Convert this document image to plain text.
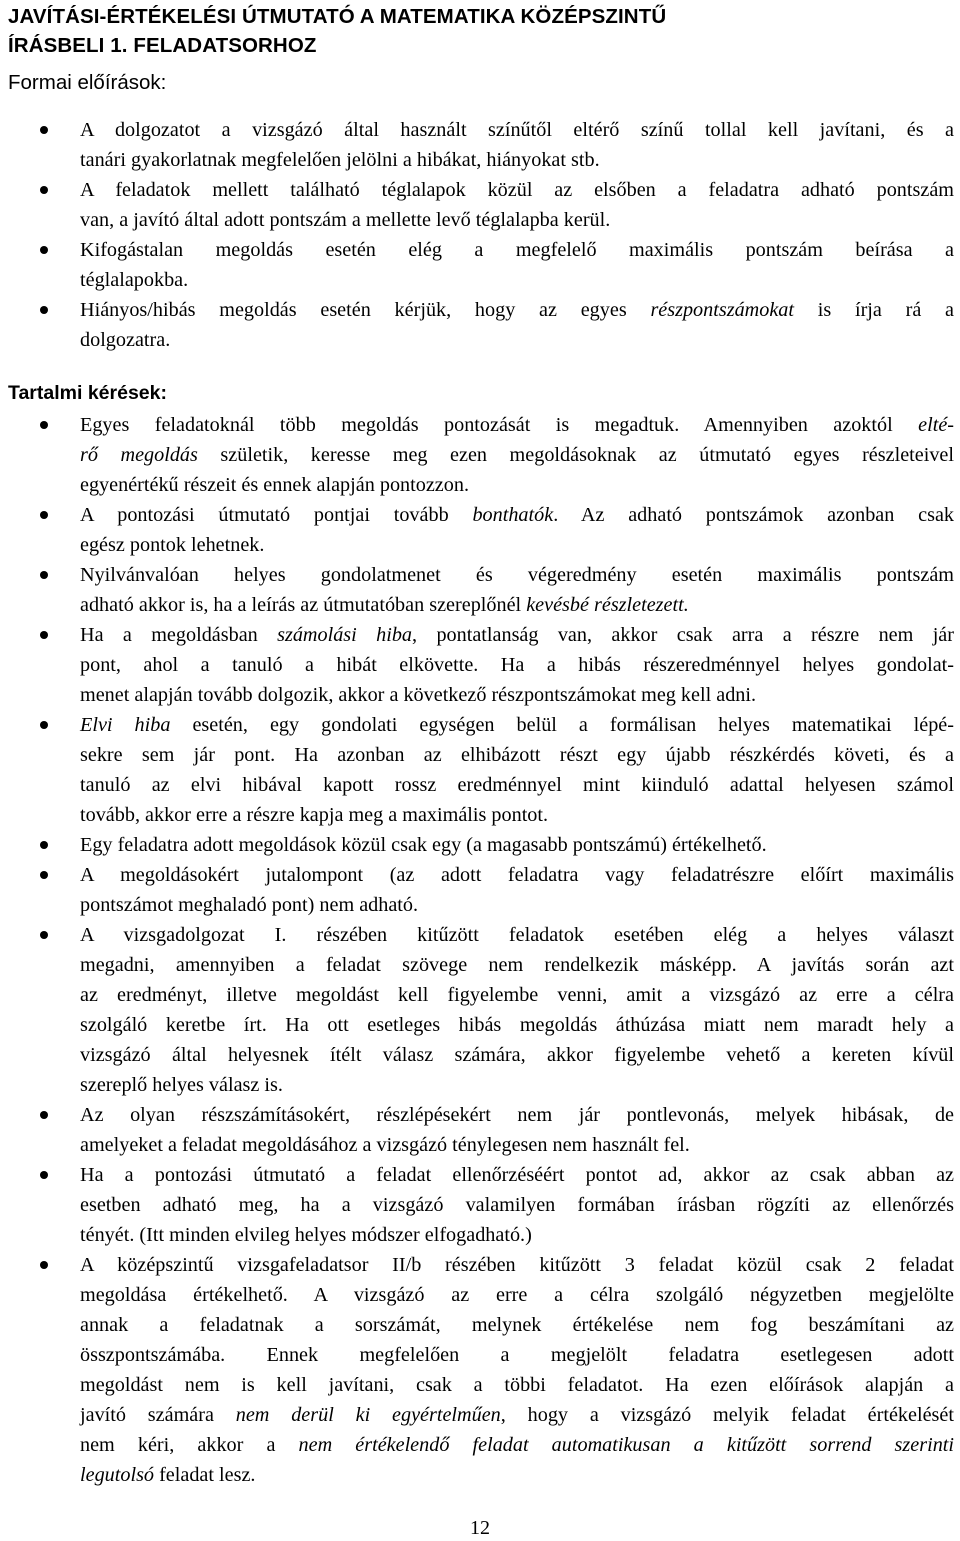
JAVÍTÁSI-ÉRTÉKELÉSI ÚTMUTATÓ A MATEMATIKA KÖZÉPSZINTŰ
ÍRÁSBELI 1. FELADATSORHOZ
Formai előírások:
A dolgozatot a vizsgázó által használt színűtől eltérő színű tollal kell javítani, és a
tanári gyakorlatnak megfelelően jelölni a hibákat, hiányokat stb.
A feladatok mellett található téglalapok közül az elsőben a feladatra adható pontszám
van, a javító által adott pontszám a mellette levő téglalapba kerül.
Kifogástalan megoldás esetén elég a megfelelő maximális pontszám beírása a
téglalapokba.
Hiányos/hibás megoldás esetén kérjük, hogy az egyes részpontszámokat is írja rá a
dolgozatra.
Tartalmi kérések:
Egyes feladatoknál több megoldás pontozását is megadtuk. Amennyiben azoktól elté-
rő megoldás születik, keresse meg ezen megoldásoknak az útmutató egyes részleteivel
egyenértékű részeit és ennek alapján pontozzon.
A pontozási útmutató pontjai tovább bonthatók. Az adható pontszámok azonban csak
egész pontok lehetnek.
Nyilvánvalóan helyes gondolatmenet és végeredmény esetén maximális pontszám
adható akkor is, ha a leírás az útmutatóban szereplőnél kevésbé részletezett.
Ha a megoldásban számolási hiba, pontatlanság van, akkor csak arra a részre nem jár
pont, ahol a tanuló a hibát elkövette. Ha a hibás részeredménnyel helyes gondolat-
menet alapján tovább dolgozik, akkor a következő részpontszámokat meg kell adni.
Elvi hiba esetén, egy gondolati egységen belül a formálisan helyes matematikai lépé-
sekre sem jár pont. Ha azonban az elhibázott részt egy újabb részkérdés követi, és a
tanuló az elvi hibával kapott rossz eredménnyel mint kiinduló adattal helyesen számol
tovább, akkor erre a részre kapja meg a maximális pontot.
Egy feladatra adott megoldások közül csak egy (a magasabb pontszámú) értékelhető.
A megoldásokért jutalompont (az adott feladatra vagy feladatrészre előírt maximális
pontszámot meghaladó pont) nem adható.
A vizsgadolgozat I. részében kitűzött feladatok esetében elég a helyes választ
megadni, amennyiben a feladat szövege nem rendelkezik másképp. A javítás során azt
az eredményt, illetve megoldást kell figyelembe venni, amit a vizsgázó az erre a célra
szolgáló keretbe írt. Ha ott esetleges hibás megoldás áthúzása miatt nem maradt hely a
vizsgázó által helyesnek ítélt válasz számára, akkor figyelembe vehető a kereten kívül
szereplő helyes válasz is.
Az olyan részszámításokért, részlépésekért nem jár pontlevonás, melyek hibásak, de
amelyeket a feladat megoldásához a vizsgázó ténylegesen nem használt fel.
Ha a pontozási útmutató a feladat ellenőrzéséért pontot ad, akkor az csak abban az
esetben adható meg, ha a vizsgázó valamilyen formában írásban rögzíti az ellenőrzés
tényét. (Itt minden elvileg helyes módszer elfogadható.)
A középszintű vizsgafeladatsor II/b részében kitűzött 3 feladat közül csak 2 feladat
megoldása értékelhető. A vizsgázó az erre a célra szolgáló négyzetben megjelölte
annak a feladatnak a sorszámát, melynek értékelése nem fog beszámítani az
összpontszámába. Ennek megfelelően a megjelölt feladatra esetlegesen adott
megoldást nem is kell javítani, csak a többi feladatot. Ha ezen előírások alapján a
javító számára nem derül ki egyértelműen, hogy a vizsgázó melyik feladat értékelését
nem kéri, akkor a nem értékelendő feladat automatikusan a kitűzött sorrend szerinti
legutolsó feladat lesz.
12
